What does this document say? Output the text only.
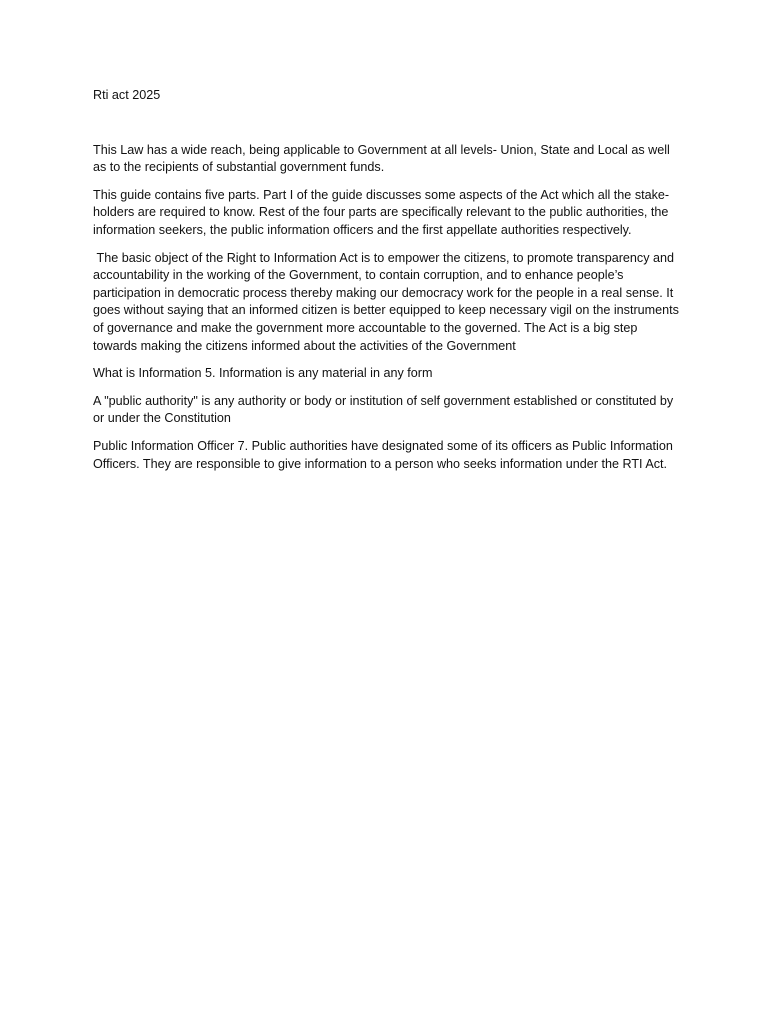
Rti act 2025

This Law has a wide reach, being applicable to Government at all levels- Union, State and Local as well as to the recipients of substantial government funds.

This guide contains five parts. Part I of the guide discusses some aspects of the Act which all the stake-holders are required to know. Rest of the four parts are specifically relevant to the public authorities, the information seekers, the public information officers and the first appellate authorities respectively.

The basic object of the Right to Information Act is to empower the citizens, to promote transparency and accountability in the working of the Government, to contain corruption, and to enhance people’s participation in democratic process thereby making our democracy work for the people in a real sense. It goes without saying that an informed citizen is better equipped to keep necessary vigil on the instruments of governance and make the government more accountable to the governed. The Act is a big step towards making the citizens informed about the activities of the Government

What is Information 5. Information is any material in any form

A "public authority" is any authority or body or institution of self government established or constituted by or under the Constitution

Public Information Officer 7. Public authorities have designated some of its officers as Public Information Officers. They are responsible to give information to a person who seeks information under the RTI Act.
